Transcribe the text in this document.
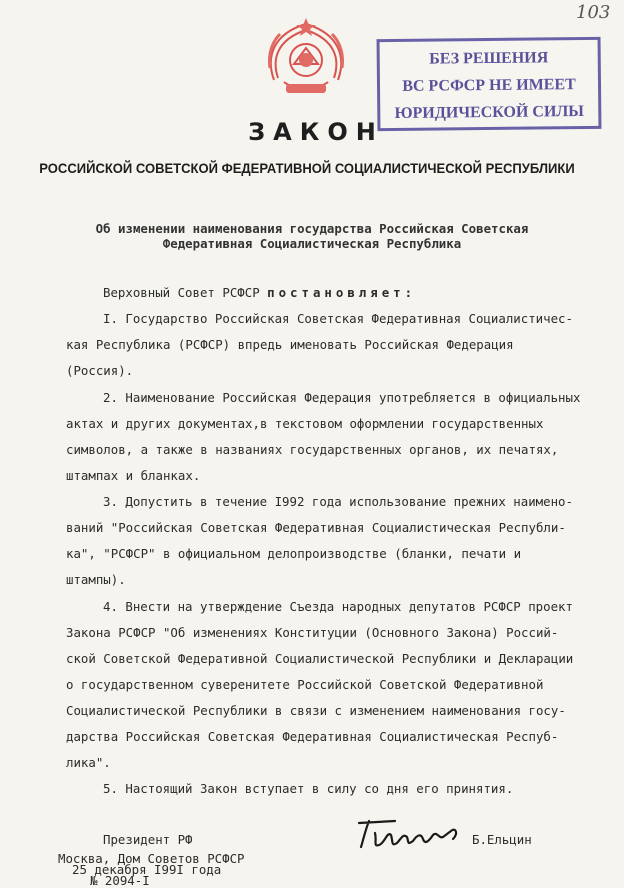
103
БЕЗ РЕШЕНИЯ
ВС РСФСР НЕ ИМЕЕТ
ЮРИДИЧЕСКОЙ СИЛЫ
ЗАКОН
РОССИЙСКОЙ СОВЕТСКОЙ ФЕДЕРАТИВНОЙ СОЦИАЛИСТИЧЕСКОЙ РЕСПУБЛИКИ
Об изменении наименования государства Российская Советская
Федеративная Социалистическая Республика
Верховный Совет РСФСР постановляет:
I. Государство Российская Советская Федеративная Социалистичес-
кая Республика (РСФСР) впредь именовать Российская Федерация
(Россия).
2. Наименование Российская Федерация употребляется в официальных
актах и других документах,в текстовом оформлении государственных
символов, а также в названиях государственных органов, их печатях,
штампах и бланках.
3. Допустить в течение I992 года использование прежних наимено-
ваний "Российская Советская Федеративная Социалистическая Республи-
ка", "РСФСР" в официальном делопроизводстве (бланки, печати и
штампы).
4. Внести на утверждение Съезда народных депутатов РСФСР проект
Закона РСФСР "Об изменениях Конституции (Основного Закона) Россий-
ской Советской Федеративной Социалистической Республики и Декларации
о государственном суверенитете Российской Советской Федеративной
Социалистической Республики в связи с изменением наименования госу-
дарства Российская Советская Федеративная Социалистическая Респуб-
лика".
5. Настоящий Закон вступает в силу со дня его принятия.
Президент РФ	Б.Ельцин
Москва, Дом Советов РСФСР
25 декабря I99I года
№ 2094-I
